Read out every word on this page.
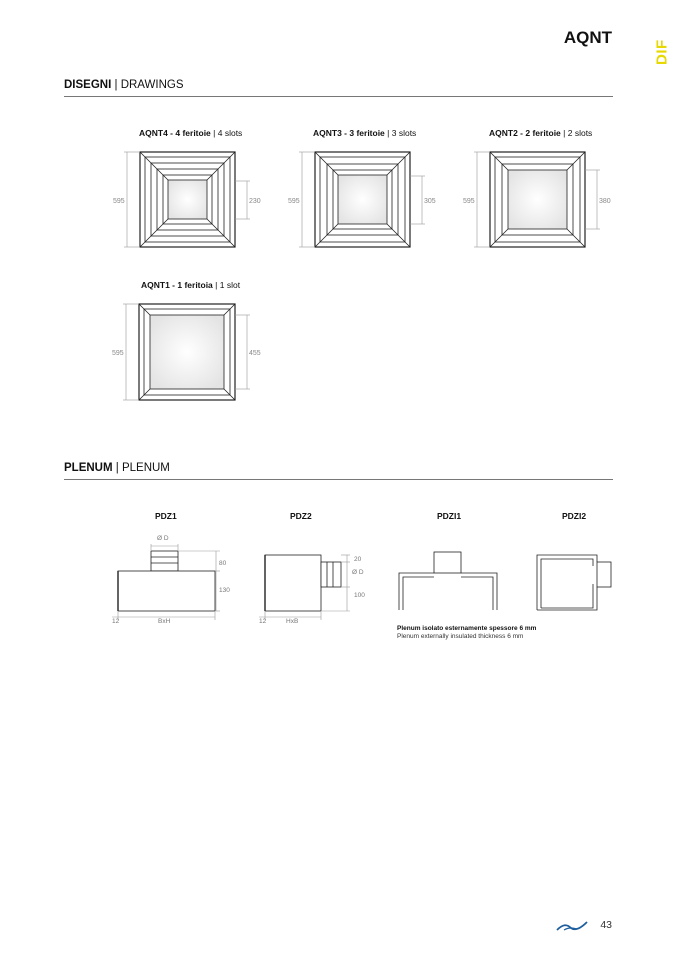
AQNT
DIF
DISEGNI | DRAWINGS
AQNT4 - 4 feritoie | 4 slots	AQNT3 - 3 feritoie | 3 slots	AQNT2 - 2 feritoie | 2 slots
AQNT1 - 1 feritoia | 1 slot
595	230	595	305	595	380
595	455
PLENUM | PLENUM
PDZ1	PDZ2	PDZI1	PDZI2
Ø D
80
130
12	BxH
20
Ø D
100
12	HxB
Plenum isolato esternamente spessore 6 mm
Plenum externally insulated thickness 6 mm
43
